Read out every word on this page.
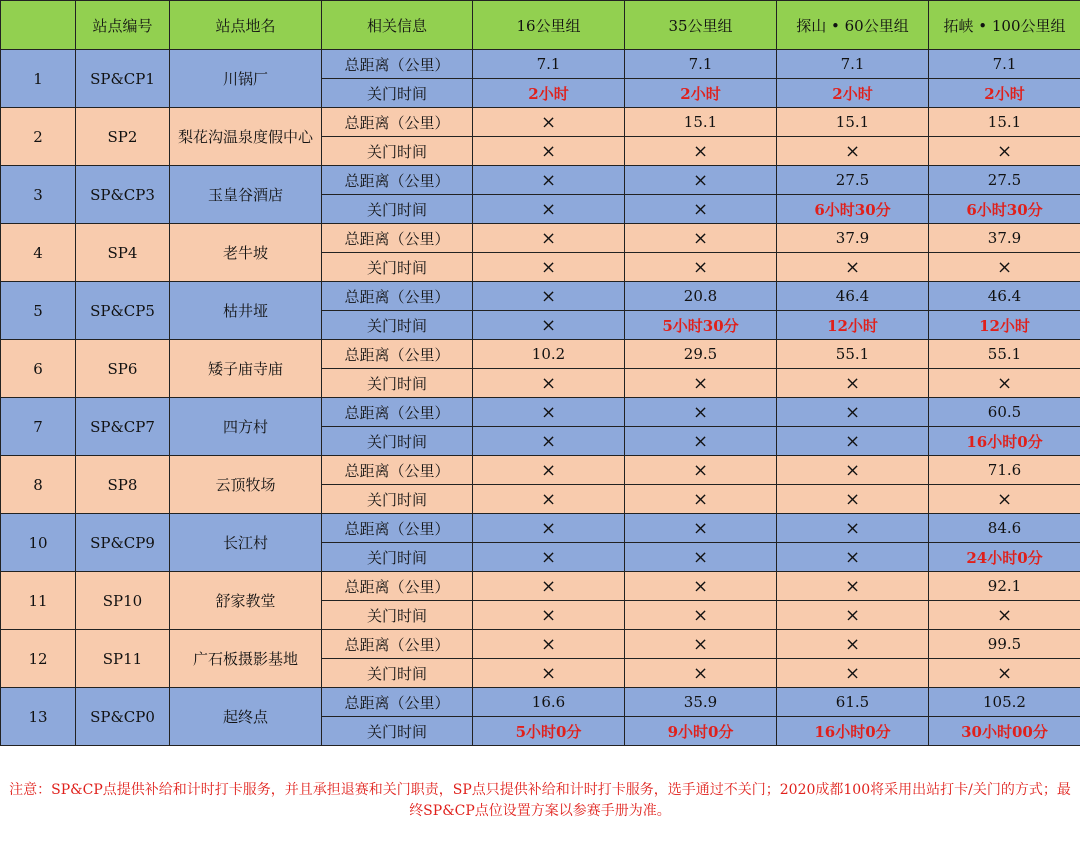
	站点编号	站点地名	相关信息	16公里组	35公里组	探山 • 60公里组	拓峡 • 100公里组
1	SP&CP1	川锅厂	总距离（公里）	7.1	7.1	7.1	7.1
			关门时间	2小时	2小时	2小时	2小时
2	SP2	梨花沟温泉度假中心	总距离（公里）	×	15.1	15.1	15.1
			关门时间	×	×	×	×
3	SP&CP3	玉皇谷酒店	总距离（公里）	×	×	27.5	27.5
			关门时间	×	×	6小时30分	6小时30分
4	SP4	老牛坡	总距离（公里）	×	×	37.9	37.9
			关门时间	×	×	×	×
5	SP&CP5	枯井垭	总距离（公里）	×	20.8	46.4	46.4
			关门时间	×	5小时30分	12小时	12小时
6	SP6	矮子庙寺庙	总距离（公里）	10.2	29.5	55.1	55.1
			关门时间	×	×	×	×
7	SP&CP7	四方村	总距离（公里）	×	×	×	60.5
			关门时间	×	×	×	16小时0分
8	SP8	云顶牧场	总距离（公里）	×	×	×	71.6
			关门时间	×	×	×	×
10	SP&CP9	长江村	总距离（公里）	×	×	×	84.6
			关门时间	×	×	×	24小时0分
11	SP10	舒家教堂	总距离（公里）	×	×	×	92.1
			关门时间	×	×	×	×
12	SP11	广石板摄影基地	总距离（公里）	×	×	×	99.5
			关门时间	×	×	×	×
13	SP&CP0	起终点	总距离（公里）	16.6	35.9	61.5	105.2
			关门时间	5小时0分	9小时0分	16小时0分	30小时00分
注意：SP&CP点提供补给和计时打卡服务，并且承担退赛和关门职责，SP点只提供补给和计时打卡服务，选手通过不关门；2020成都100将采用出站打卡/关门的方式；最终SP&CP点位设置方案以参赛手册为准。
